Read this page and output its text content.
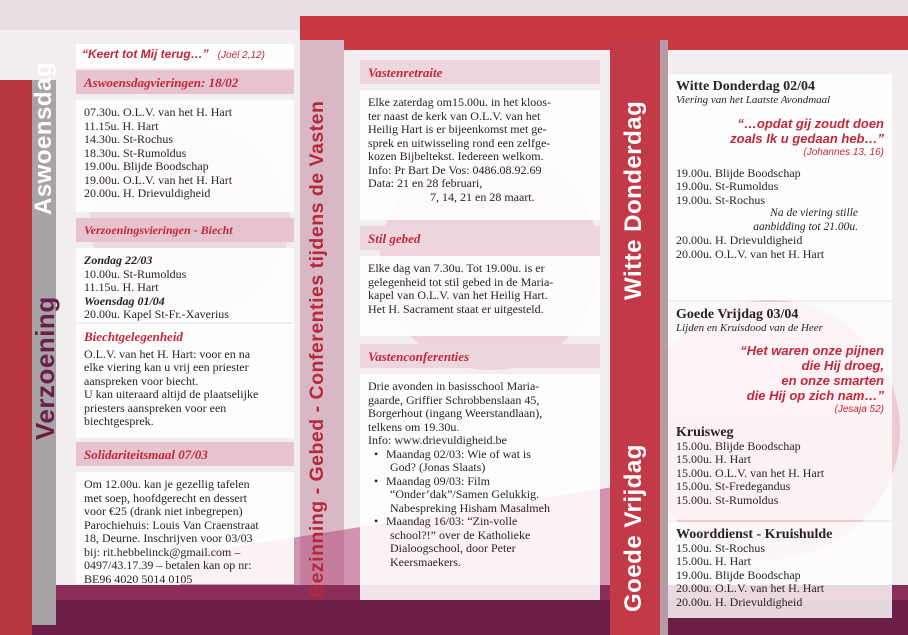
Aswoensdag
Verzoening	Bezinning - Gebed - Conferenties tijdens de Vasten	Witte Donderdag
Goede Vrijdag
“Keert tot Mij terug…” (Joël 2,12)
Aswoensdagvieringen: 18/02
07.30u. O.L.V. van het H. Hart
11.15u. H. Hart
14.30u. St-Rochus
18.30u. St-Rumoldus
19.00u. Blijde Boodschap
19.00u. O.L.V. van het H. Hart
20.00u. H. Drievuldigheid
Verzoeningsvieringen - Biecht
Zondag 22/03
10.00u. St-Rumoldus
11.15u. H. Hart
Woensdag 01/04
20.00u. Kapel St-Fr.-Xaverius
Biechtgelegenheid
O.L.V. van het H. Hart: voor en na
elke viering kan u vrij een priester
aanspreken voor biecht.
U kan uiteraard altijd de plaatselijke
priesters aanspreken voor een
biechtgesprek.
Solidariteitsmaal 07/03
Om 12.00u. kan je gezellig tafelen
met soep, hoofdgerecht en dessert
voor €25 (drank niet inbegrepen)
Parochiehuis: Louis Van Craenstraat
18, Deurne. Inschrijven voor 03/03
bij: rit.hebbelinck@gmail.com –
0497/43.17.39 – betalen kan op nr:
BE96 4020 5014 0105
Vastenretraite
Elke zaterdag om15.00u. in het kloos-
ter naast de kerk van O.L.V. van het
Heilig Hart is er bijeenkomst met ge-
sprek en uitwisseling rond een zelfge-
kozen Bijbeltekst. Iedereen welkom.
Info: Pr Bart De Vos: 0486.08.92.69
Data: 21 en 28 februari,
7, 14, 21 en 28 maart.
Stil gebed
Elke dag van 7.30u. Tot 19.00u. is er
gelegenheid tot stil gebed in de Maria-
kapel van O.L.V. van het Heilig Hart.
Het H. Sacrament staat er uitgesteld.
Vastenconferenties
Drie avonden in basisschool Maria-
gaarde, Griffier Schrobbenslaan 45,
Borgerhout (ingang Weerstandlaan),
telkens om 19.30u.
Info: www.drievuldigheid.be
• Maandag 02/03: Wie of wat is
God? (Jonas Slaats)
• Maandag 09/03: Film
“Onder’dak”/Samen Gelukkig.
Nabespreking Hisham Masalmeh
• Maandag 16/03: “Zin-volle
school?!” over de Katholieke
Dialoogschool, door Peter
Keersmaekers.
Witte Donderdag 02/04
Viering van het Laatste Avondmaal
“…opdat gij zoudt doen
zoals Ik u gedaan heb…”
(Johannes 13, 16)
19.00u. Blijde Boodschap
19.00u. St-Rumoldus
19.00u. St-Rochus
Na de viering stille
aanbidding tot 21.00u.
20.00u. H. Drievuldigheid
20.00u. O.L.V. van het H. Hart
Goede Vrijdag 03/04
Lijden en Kruisdood van de Heer
“Het waren onze pijnen
die Hij droeg,
en onze smarten
die Hij op zich nam…”
(Jesaja 52)
Kruisweg
15.00u. Blijde Boodschap
15.00u. H. Hart
15.00u. O.L.V. van het H. Hart
15.00u. St-Fredegandus
15.00u. St-Rumoldus
Woorddienst - Kruishulde
15.00u. St-Rochus
15.00u. H. Hart
19.00u. Blijde Boodschap
20.00u. O.L.V. van het H. Hart
20.00u. H. Drievuldigheid
